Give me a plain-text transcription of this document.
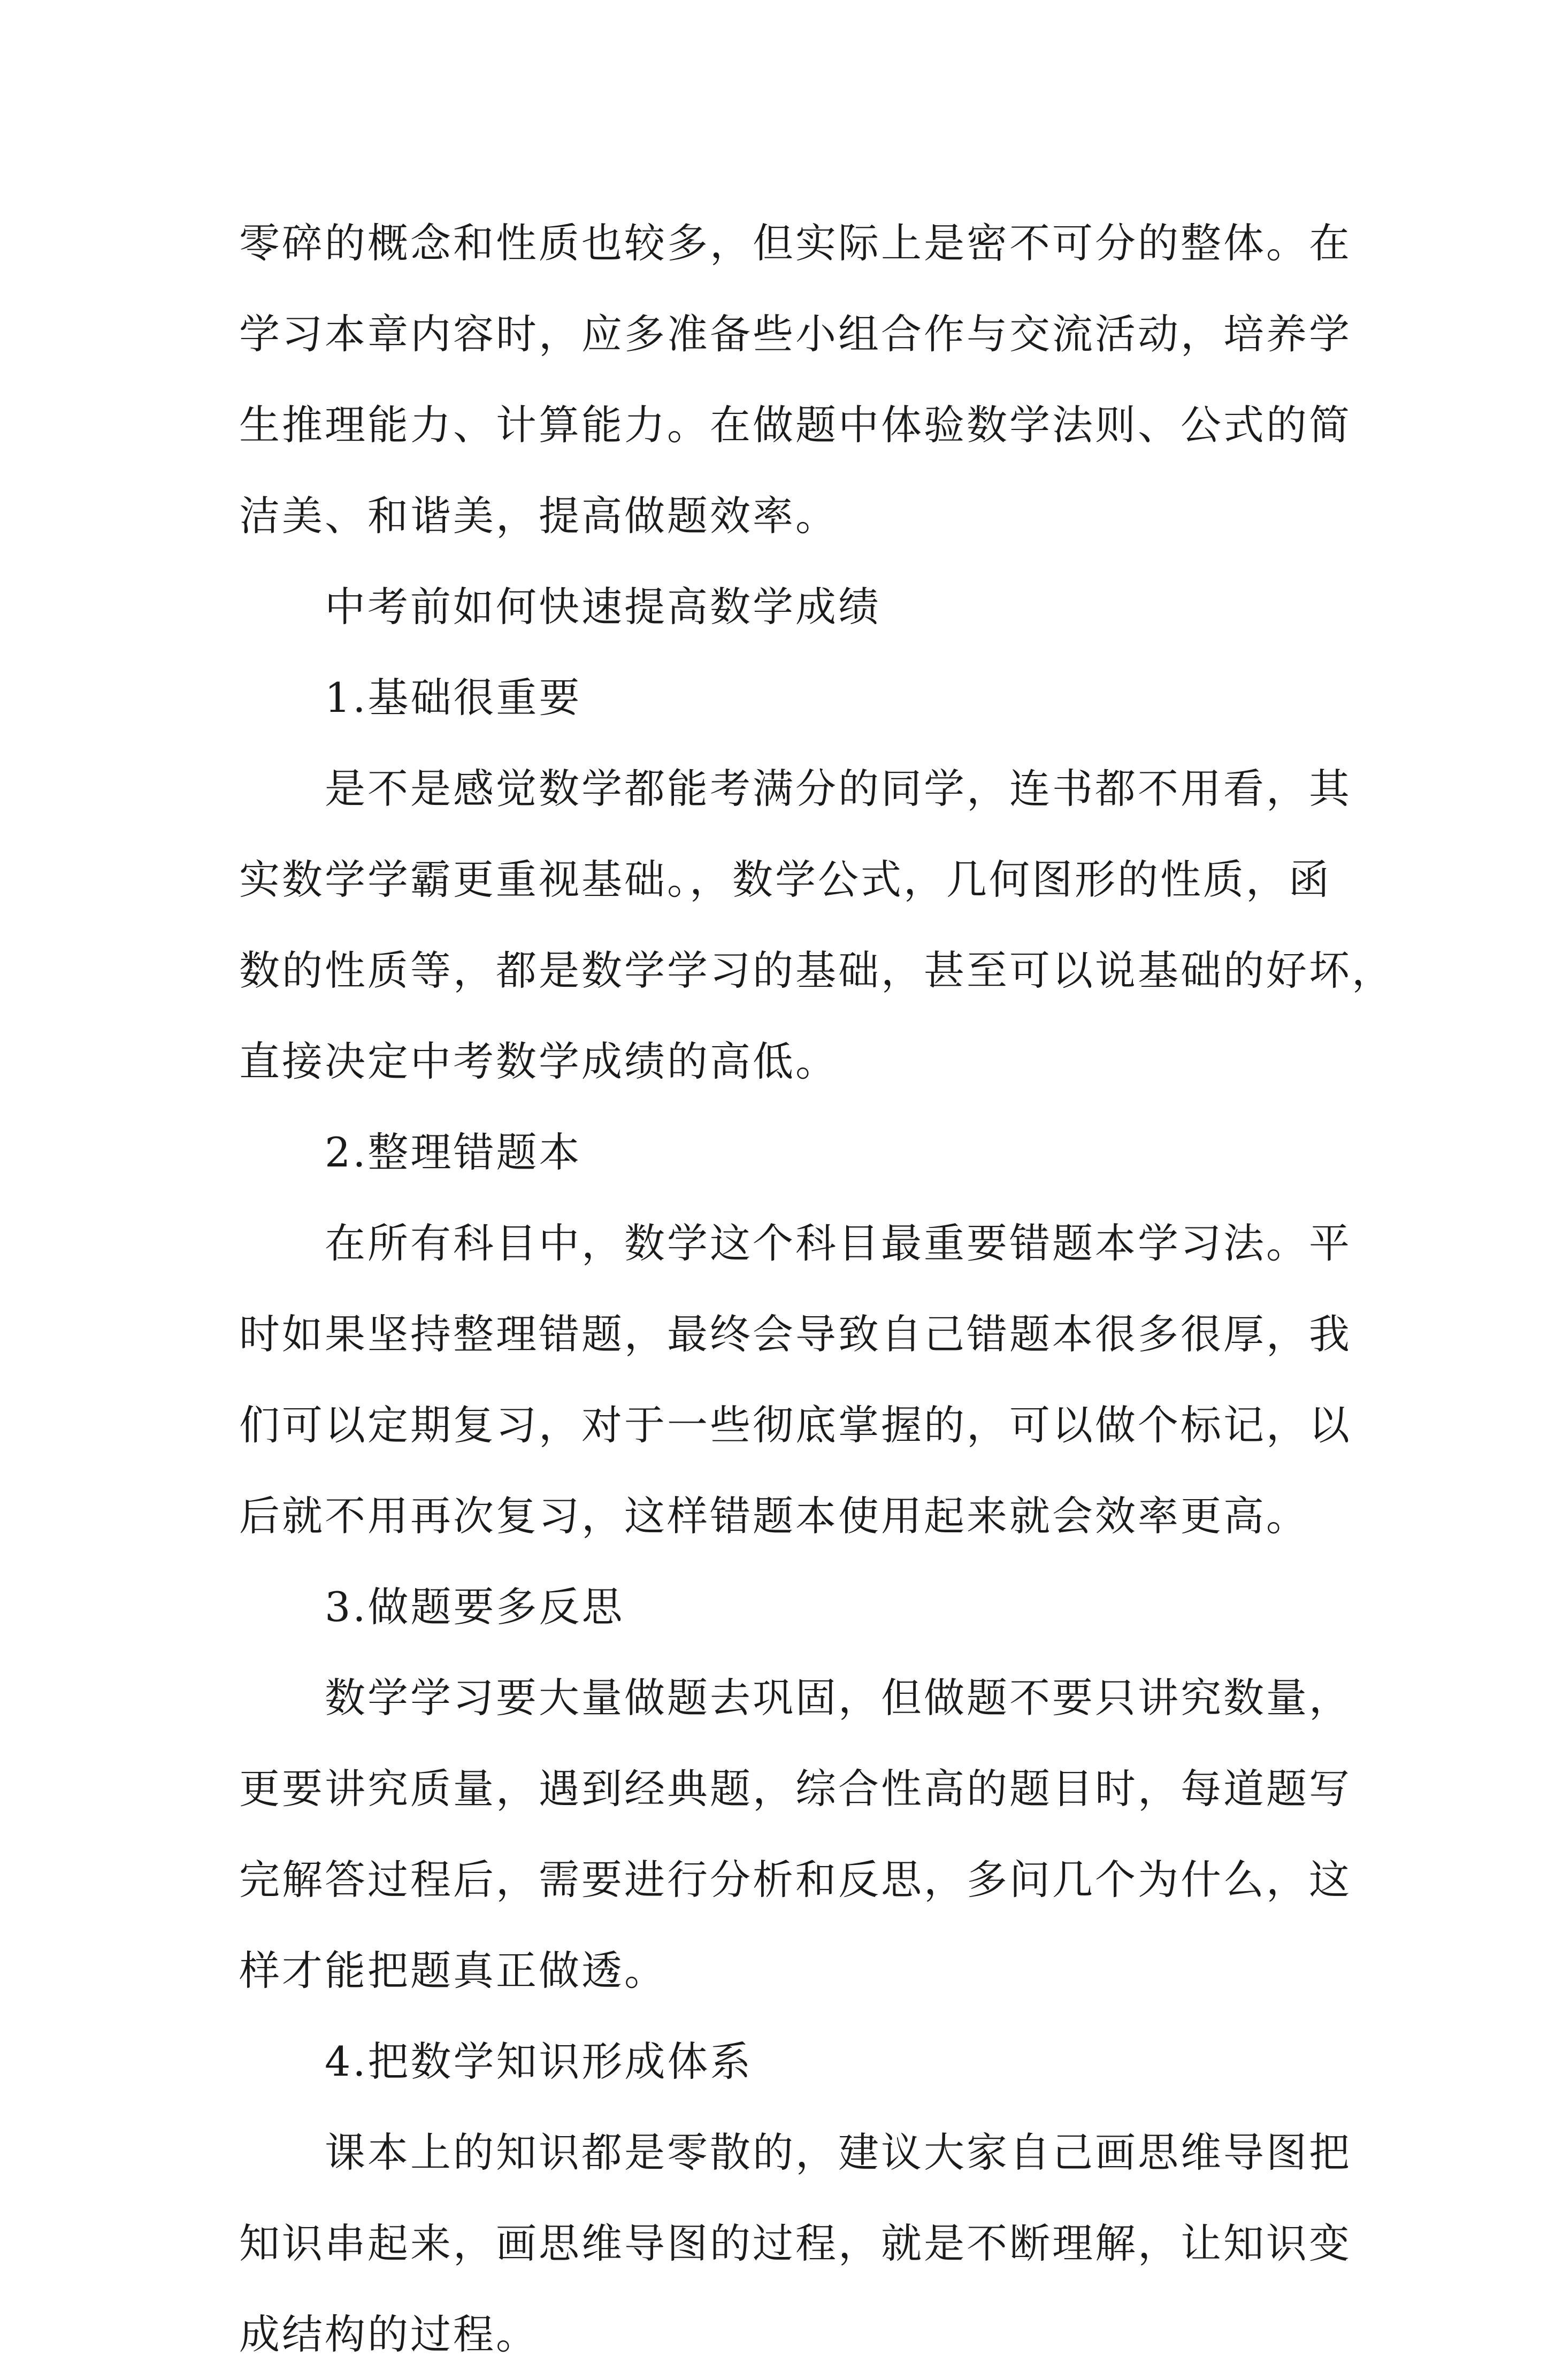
零碎的概念和性质也较多，但实际上是密不可分的整体。在
学习本章内容时，应多准备些小组合作与交流活动，培养学
生推理能力、计算能力。在做题中体验数学法则、公式的简
洁美、和谐美，提高做题效率。
中考前如何快速提高数学成绩
1.基础很重要
是不是感觉数学都能考满分的同学，连书都不用看，其
实数学学霸更重视基础。，数学公式，几何图形的性质，函
数的性质等，都是数学学习的基础，甚至可以说基础的好坏，
直接决定中考数学成绩的高低。
2.整理错题本
在所有科目中，数学这个科目最重要错题本学习法。平
时如果坚持整理错题，最终会导致自己错题本很多很厚，我
们可以定期复习，对于一些彻底掌握的，可以做个标记，以
后就不用再次复习，这样错题本使用起来就会效率更高。
3.做题要多反思
数学学习要大量做题去巩固，但做题不要只讲究数量，
更要讲究质量，遇到经典题，综合性高的题目时，每道题写
完解答过程后，需要进行分析和反思，多问几个为什么，这
样才能把题真正做透。
4.把数学知识形成体系
课本上的知识都是零散的，建议大家自己画思维导图把
知识串起来，画思维导图的过程，就是不断理解，让知识变
成结构的过程。
